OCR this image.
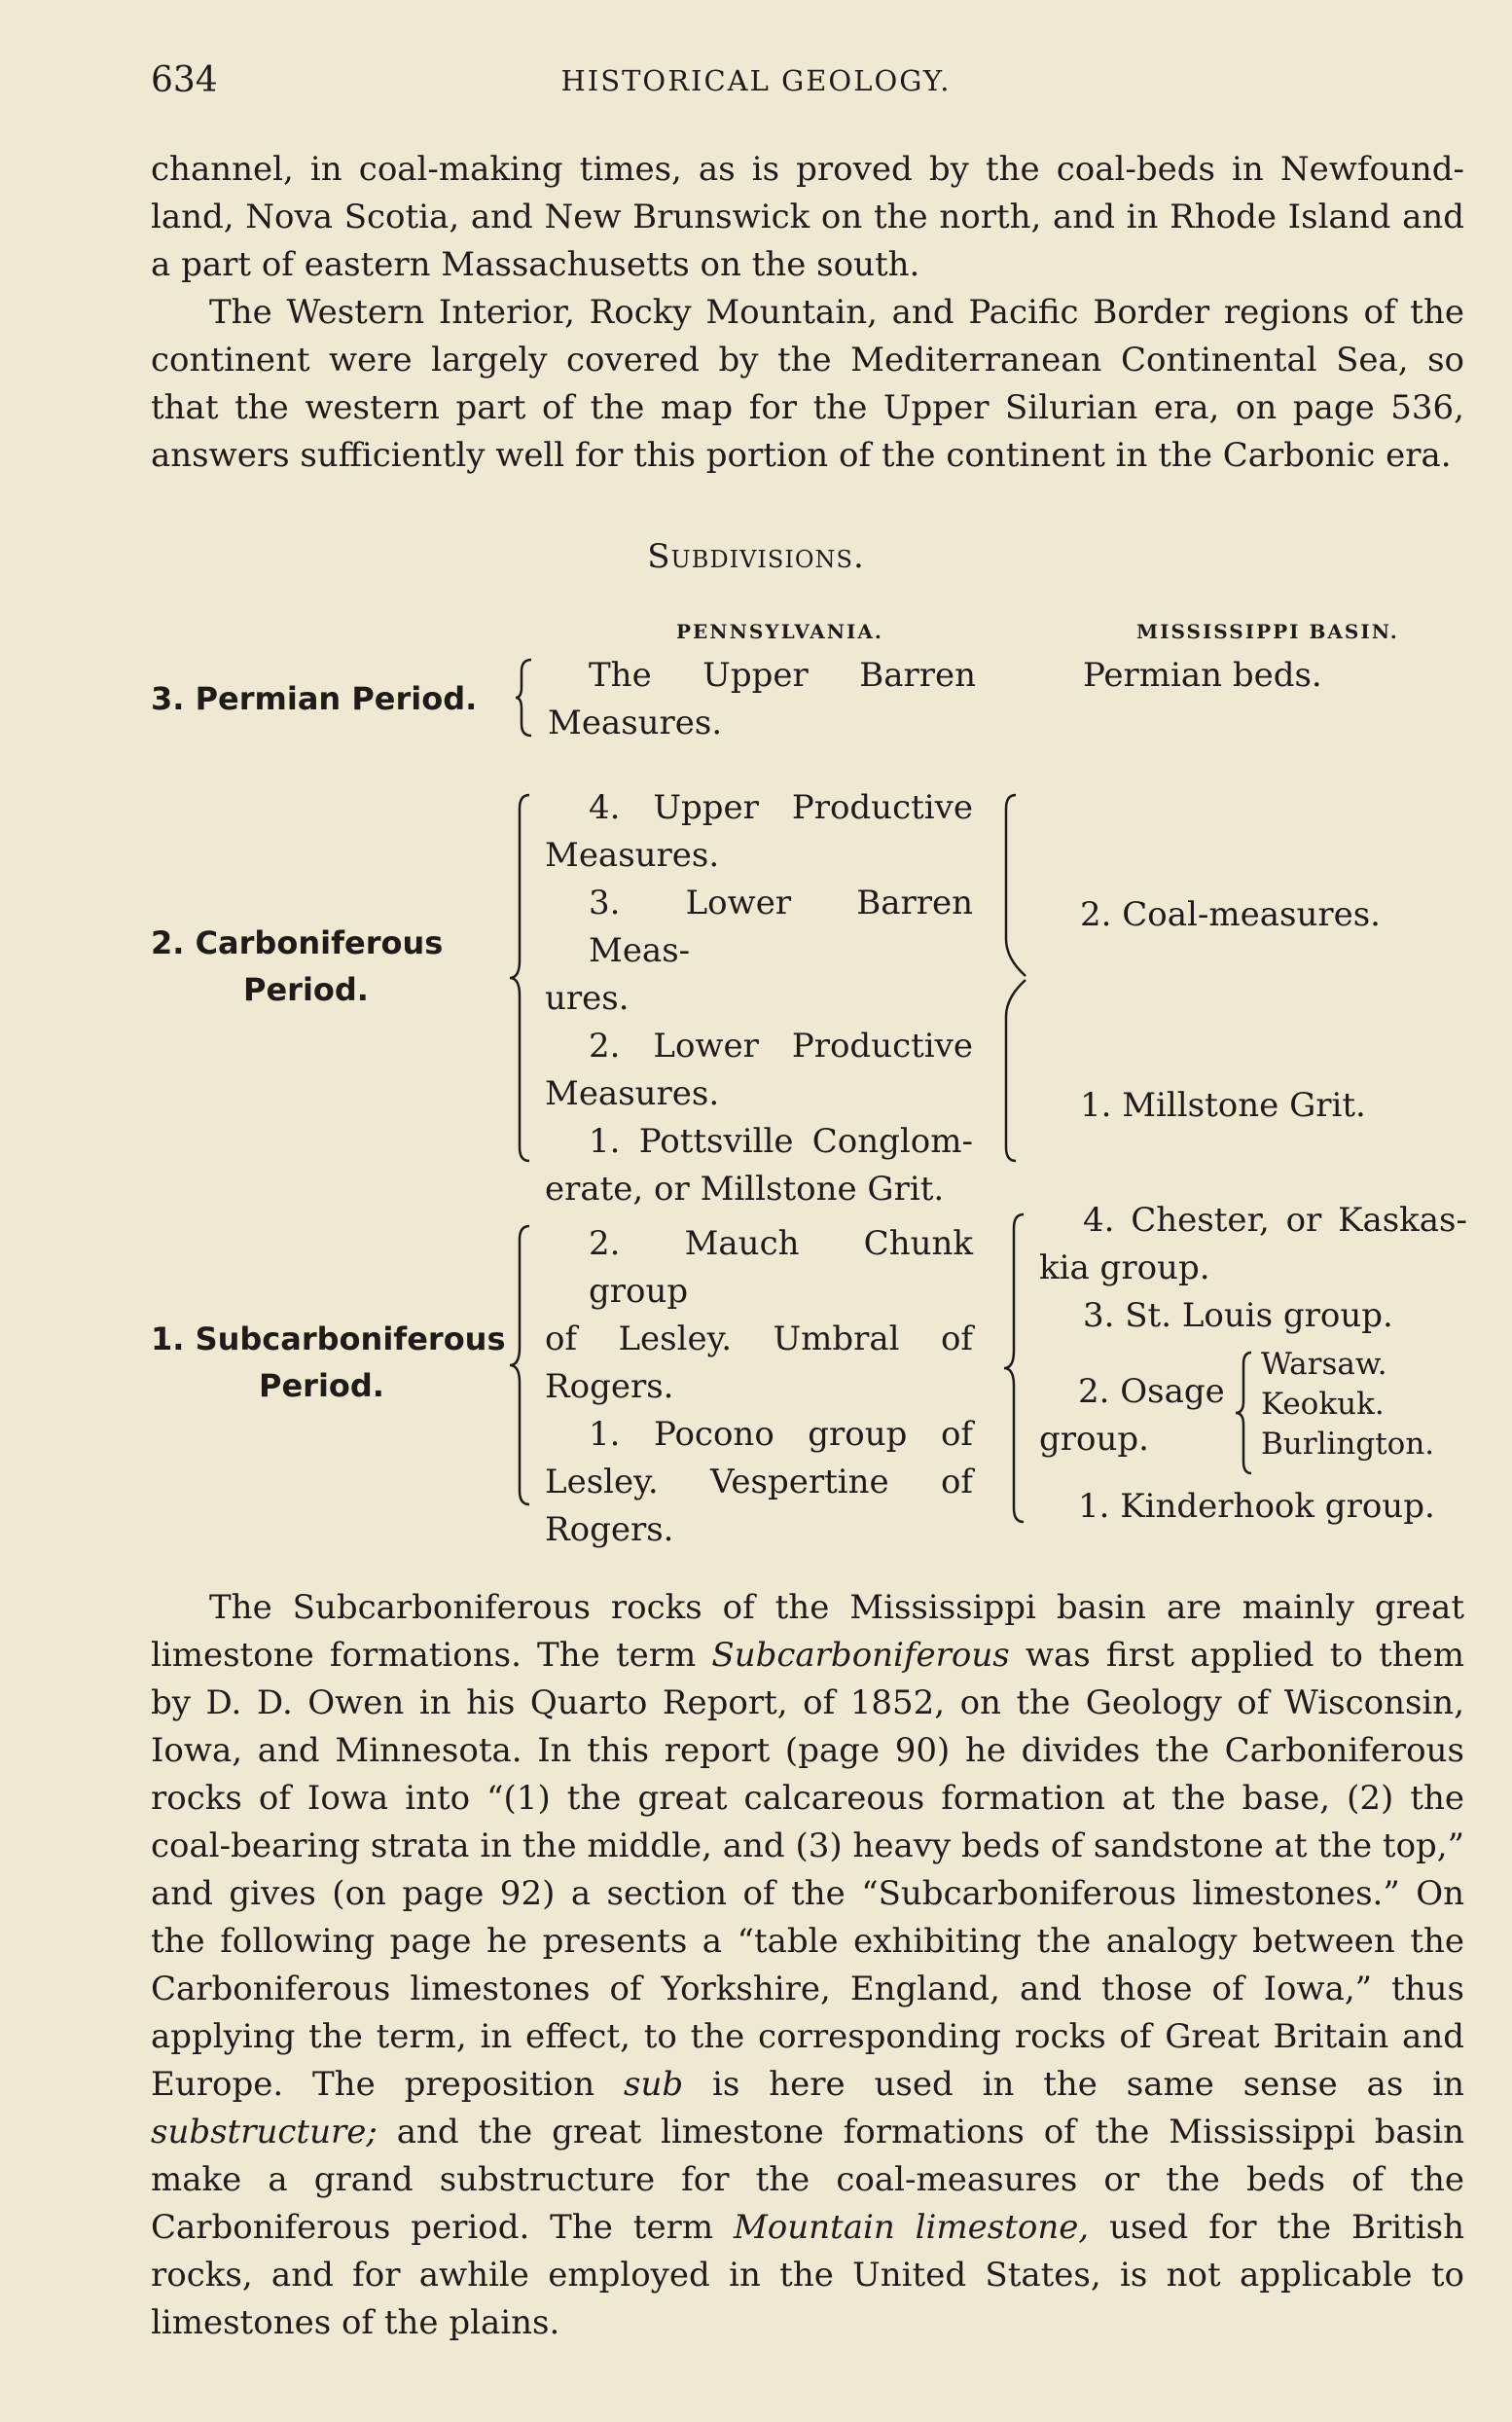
634	HISTORICAL GEOLOGY.

channel, in coal-making times, as is proved by the coal-beds in Newfound-land, Nova Scotia, and New Brunswick on the north, and in Rhode Island and a part of eastern Massachusetts on the south.

The Western Interior, Rocky Mountain, and Pacific Border regions of the continent were largely covered by the Mediterranean Continental Sea, so that the western part of the map for the Upper Silurian era, on page 536, answers sufficiently well for this portion of the continent in the Carbonic era.

Subdivisions.
PENNSYLVANIA.	MISSISSIPPI BASIN.
3. Permian Period.
The Upper Barren
Measures.
Permian beds.
2. Carboniferous
Period.
4. Upper Productive
Measures.
3. Lower Barren Meas-
ures.
2. Lower Productive
Measures.
1. Pottsville Conglom-
erate, or Millstone Grit.
2. Coal-measures.
1. Millstone Grit.
1. Subcarboniferous
Period.
2. Mauch Chunk group
of Lesley. Umbral of
Rogers.
1. Pocono group of
Lesley. Vespertine of
Rogers.
4. Chester, or Kaskas-
kia group.
3. St. Louis group.
2. Osage
group.
Warsaw.
Keokuk.
Burlington.
1. Kinderhook group.

The Subcarboniferous rocks of the Mississippi basin are mainly great limestone formations. The term Subcarboniferous was first applied to them by D. D. Owen in his Quarto Report, of 1852, on the Geology of Wisconsin, Iowa, and Minnesota. In this report (page 90) he divides the Carboniferous rocks of Iowa into “(1) the great calcareous formation at the base, (2) the coal-bearing strata in the middle, and (3) heavy beds of sandstone at the top,” and gives (on page 92) a section of the “Subcarboniferous limestones.” On the following page he presents a “table exhibiting the analogy between the Carboniferous limestones of Yorkshire, England, and those of Iowa,” thus applying the term, in effect, to the corresponding rocks of Great Britain and Europe. The preposition sub is here used in the same sense as in substructure; and the great limestone formations of the Mississippi basin make a grand substructure for the coal-measures or the beds of the Carboniferous period. The term Mountain limestone, used for the British rocks, and for awhile employed in the United States, is not applicable to limestones of the plains.
